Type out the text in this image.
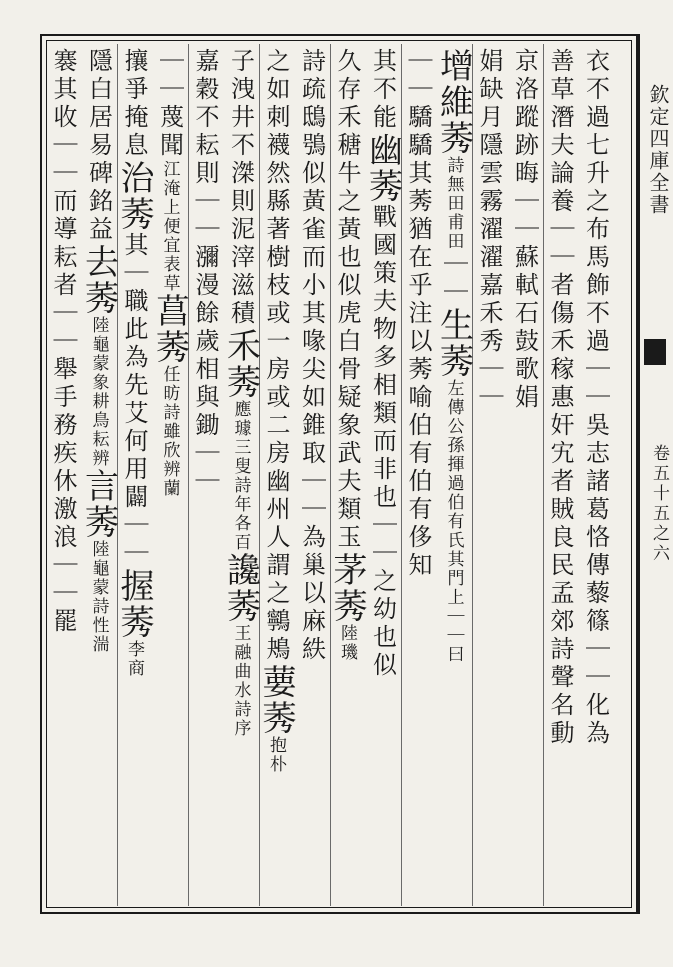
欽定四庫全書
卷五十五之六
衣不過七升之布馬飾不過｜｜吳志諸葛恪傳藜篠｜｜化為
善草潛夫論養｜｜者傷禾稼惠奸宄者賊良民孟郊詩聲名動
京洛蹤跡晦｜｜蘇軾石鼓歌娟
娟缺月隱雲霧濯濯嘉禾秀｜｜
增維莠詩無田甫田｜｜生莠左傳公孫揮過伯有氏其門上｜｜曰
｜｜驕驕其莠猶在乎注以莠喻伯有伯有侈知
其不能幽莠戰國策夫物多相類而非也｜｜之幼也似
久存禾䅯牛之黃也似虎白骨疑象武夫類玉茅莠陸璣
詩疏鴟鴞似黃雀而小其喙尖如錐取｜｜為巢以麻紩
之如刺襪然縣著樹枝或一房或二房幽州人謂之鸋鴂葽莠抱朴
子洩井不滐則泥滓滋積禾莠應璩三叟詩年各百讒莠王融曲水詩序
嘉穀不耘則｜｜瀰漫餘歲相與鋤｜｜
｜｜蔑聞江淹上便宜表草菖莠任昉詩雖欣辨蘭
攘爭掩息治莠其｜職此為先艾何用闢｜｜握莠李商
隱白居易碑銘益去莠陸龜蒙象耕鳥耘辨言莠陸龜蒙詩性湍
褰其收｜｜而導耘者｜｜舉手務疾休激浪｜｜罷
